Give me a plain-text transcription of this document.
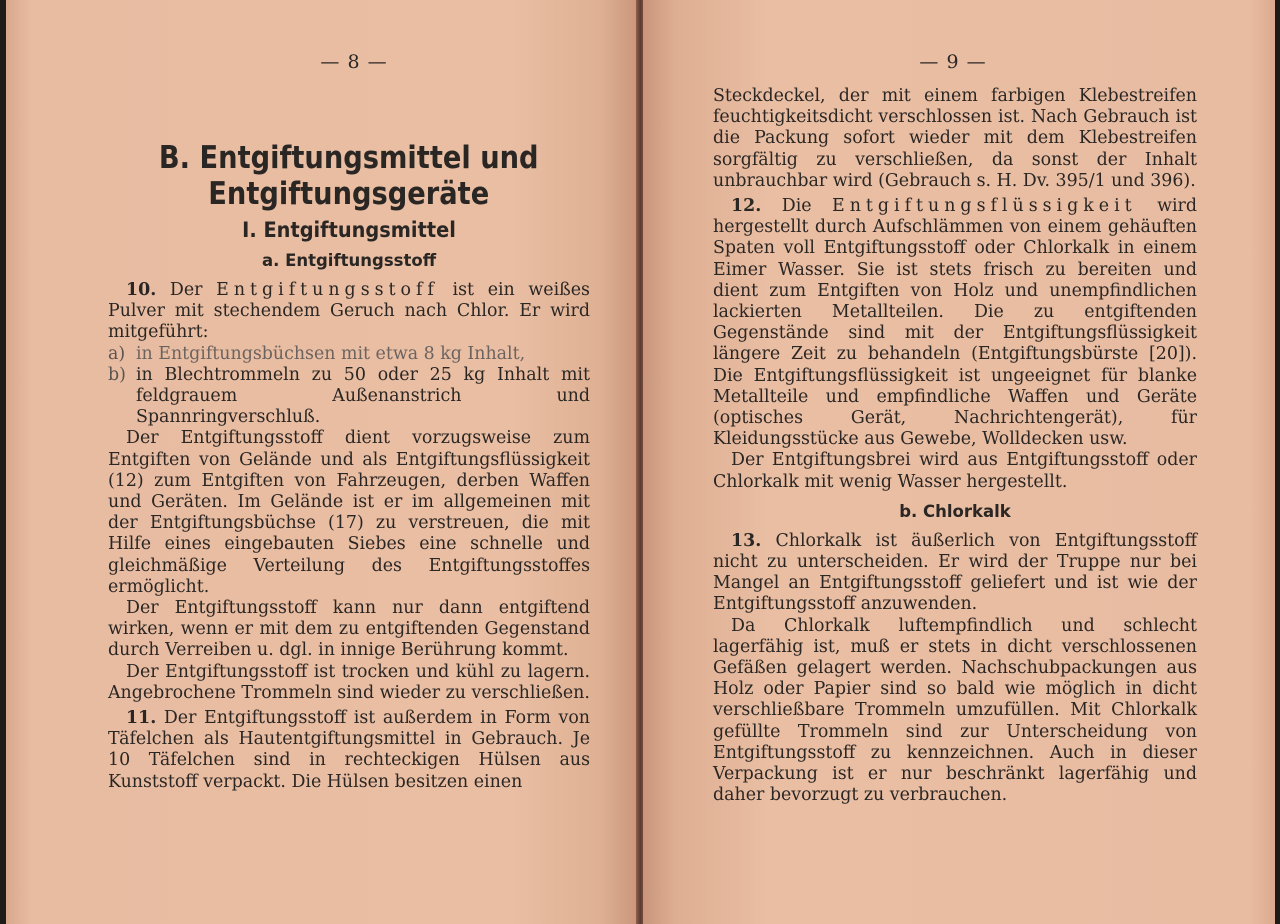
— 8 —
B. Entgiftungsmittel und Entgiftungsgeräte
I. Entgiftungsmittel
a. Entgiftungsstoff

10. Der Entgiftungsstoff ist ein weißes Pulver mit stechendem Geruch nach Chlor. Er wird mitgeführt:

a) in Entgiftungsbüchsen mit etwa 8 kg Inhalt,

b) in Blechtrommeln zu 50 oder 25 kg Inhalt mit feldgrauem Außenanstrich und Spannringverschluß.

Der Entgiftungsstoff dient vorzugsweise zum Entgiften von Gelände und als Entgiftungsflüssigkeit (12) zum Entgiften von Fahrzeugen, derben Waffen und Geräten. Im Gelände ist er im allgemeinen mit der Entgiftungsbüchse (17) zu verstreuen, die mit Hilfe eines eingebauten Siebes eine schnelle und gleichmäßige Verteilung des Entgiftungsstoffes ermöglicht.

Der Entgiftungsstoff kann nur dann entgiftend wirken, wenn er mit dem zu entgiftenden Gegenstand durch Verreiben u. dgl. in innige Berührung kommt.

Der Entgiftungsstoff ist trocken und kühl zu lagern. Angebrochene Trommeln sind wieder zu verschließen.

11. Der Entgiftungsstoff ist außerdem in Form von Täfelchen als Hautentgiftungsmittel in Gebrauch. Je 10 Täfelchen sind in rechteckigen Hülsen aus Kunststoff verpackt. Die Hülsen besitzen einen

— 9 —

Steckdeckel, der mit einem farbigen Klebestreifen feuchtigkeitsdicht verschlossen ist. Nach Gebrauch ist die Packung sofort wieder mit dem Klebestreifen sorgfältig zu verschließen, da sonst der Inhalt unbrauchbar wird (Gebrauch s. H. Dv. 395/1 und 396).

12. Die Entgiftungsflüssigkeit wird hergestellt durch Aufschlämmen von einem gehäuften Spaten voll Entgiftungsstoff oder Chlorkalk in einem Eimer Wasser. Sie ist stets frisch zu bereiten und dient zum Entgiften von Holz und unempfindlichen lackierten Metallteilen. Die zu entgiftenden Gegenstände sind mit der Entgiftungsflüssigkeit längere Zeit zu behandeln (Entgiftungsbürste [20]). Die Entgiftungsflüssigkeit ist ungeeignet für blanke Metallteile und empfindliche Waffen und Geräte (optisches Gerät, Nachrichtengerät), für Kleidungsstücke aus Gewebe, Wolldecken usw.

Der Entgiftungsbrei wird aus Entgiftungsstoff oder Chlorkalk mit wenig Wasser hergestellt.

b. Chlorkalk

13. Chlorkalk ist äußerlich von Entgiftungsstoff nicht zu unterscheiden. Er wird der Truppe nur bei Mangel an Entgiftungsstoff geliefert und ist wie der Entgiftungsstoff anzuwenden.

Da Chlorkalk luftempfindlich und schlecht lagerfähig ist, muß er stets in dicht verschlossenen Gefäßen gelagert werden. Nachschubpackungen aus Holz oder Papier sind so bald wie möglich in dicht verschließbare Trommeln umzufüllen. Mit Chlorkalk gefüllte Trommeln sind zur Unterscheidung von Entgiftungsstoff zu kennzeichnen. Auch in dieser Verpackung ist er nur beschränkt lagerfähig und daher bevorzugt zu verbrauchen.
